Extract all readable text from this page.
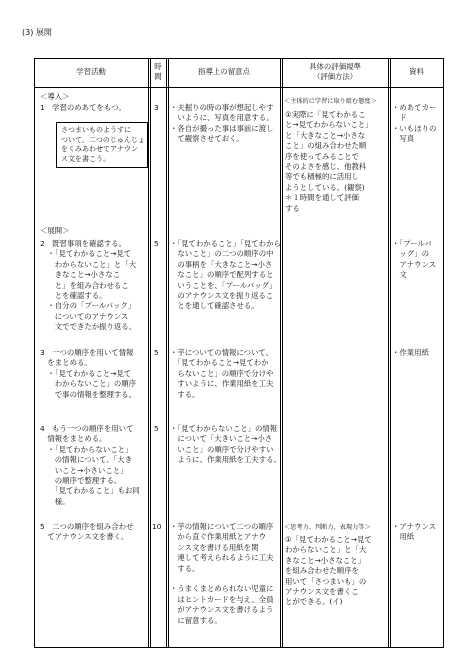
(3) 展開
学習活動
時
間
指導上の留意点
具体の評価規準
（評価方法）
資料
＜導入＞
1　学習のめあてをもつ。
さつまいものようすに
ついて、二つのじゅんじょ
をくみあわせてアナウン
ス文を書こう。
3 ・夫掘りの時の事が想起しやす
　いように、写真を用意する。
・各自が撮った事は事前に渡し
　て観察させておく。
＜主体的に学習に取り組む態度＞
①実際に「見てわかるこ
と→見てわからないこと」
と「大きなこと→小さな
こと」の組み合わせた順
序を使ってみることで
そのよさを感じ、他教科
等でも積極的に活用し
ようとしている。(観察)
＊１時間を通して評価
する
・めあてカー
　ド
・いもほりの
　写真
＜展開＞
2　既習事項を確認する。
　・「見てわかること→見て
　　わからないこと」と「大
　　きなこと→小さなこ
　　と」を組み合わせるこ
　　とを確認する。
　・自分の「プールバック」
　　についてのアナウンス
　　文でできたか振り返る。
5 ・「見てわかること」「見てわから
　ないこと」の二つの順序の中
　の事柄を「大きなこと→小さ
　なこと」の順序で配列すると
　いうことを、「プールバッグ」
　のアナウンス文を振り返るこ
　とを通して確認させる。
・「プールバ
　ッグ」の
　アナウンス
　文
3　一つの順序を用いて情報
　をまとめる。
　・「見てわかること→見て
　　わからないこと」の順序
　　で事の情報を整理する。
5 ・芋についての情報について、
　「見てわかること→見てわか
　らないこと」の順序で分けや
　すいように、作業用紙を工夫
　する。
・作業用紙
4　もう一つの順序を用いて
　情報をまとめる。
　・「見てわからないこと」
　　の情報について、「大き
　　いこと→小さいこと」
　　の順序で整理する。
　　「見てわかること」もお同
　　様。
5 ・「見てわからないこと」の情報
　について「大きいこと→小さ
　いこと」の順序で分けやすい
　ように、作業用紙を工夫する。
5　二つの順序を組み合わせ
　てアナウンス文を書く。
10 ・芋の情報について二つの順序
　から直ぐ作業用紙とアナウ
　ンス文を書ける用紙を関
　連して考えられるように工夫
　する。

・うまくまとめられない児童に
　はヒントカードを与え、全員
　がアナウンス文を書けるよう
　に留意する。
＜思考力、判断力、表現力等＞
①「見てわかること→見て
わからないこと」と「大
きなこと→小さなこと」
を組み合わせた順序を
用いて「さつまいも」の
アナウンス文を書くこ
とができる。(イ)
・アナウンス
　用紙
